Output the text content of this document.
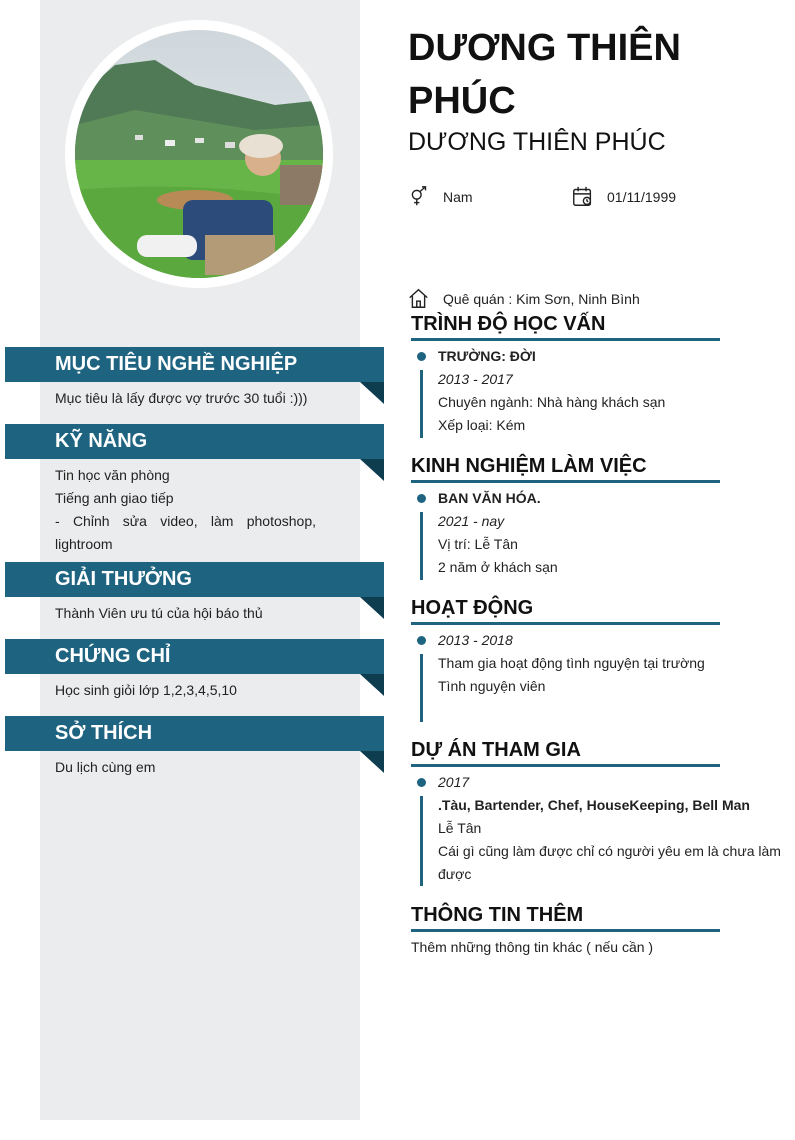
DƯƠNG THIÊN PHÚC
DƯƠNG THIÊN PHÚC
Nam	01/11/1999
Quê quán : Kim Sơn, Ninh Bình
MỤC TIÊU NGHỀ NGHIỆP
Mục tiêu là lấy được vợ trước 30 tuổi :)))
KỸ NĂNG
Tin học văn phòng
Tiếng anh giao tiếp
- Chỉnh sửa video, làm photoshop,
lightroom
GIẢI THƯỞNG
Thành Viên ưu tú của hội báo thủ
CHỨNG CHỈ
Học sinh giỏi lớp 1,2,3,4,5,10
SỞ THÍCH
Du lịch cùng em
TRÌNH ĐỘ HỌC VẤN
TRƯỜNG: ĐỜI
2013 - 2017
Chuyên ngành: Nhà hàng khách sạn
Xếp loại: Kém
KINH NGHIỆM LÀM VIỆC
BAN VĂN HÓA.
2021 - nay
Vị trí: Lễ Tân
2 năm ở khách sạn
HOẠT ĐỘNG
2013 - 2018
Tham gia hoạt động tình nguyện tại trường
Tình nguyện viên
DỰ ÁN THAM GIA
2017
.Tàu, Bartender, Chef, HouseKeeping, Bell Man
Lễ Tân
Cái gì cũng làm được chỉ có người yêu em là chưa làm
được
THÔNG TIN THÊM
Thêm những thông tin khác ( nếu cần )
